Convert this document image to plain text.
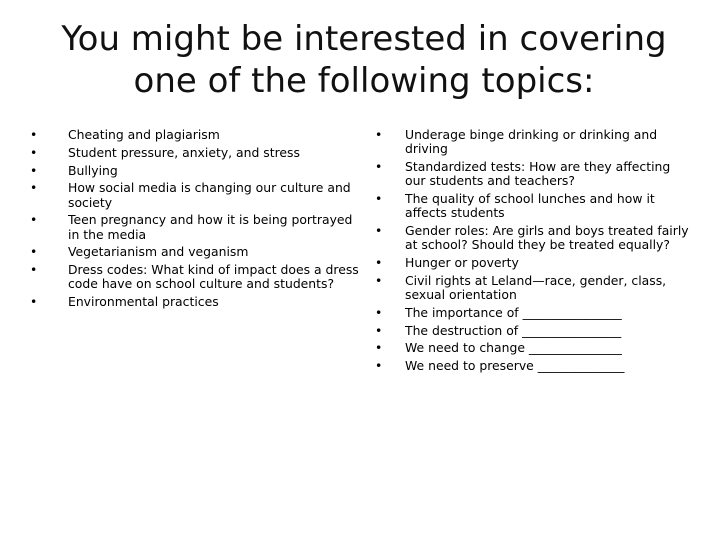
You might be interested in covering
one of the following topics:
•	Cheating and plagiarism
•	Student pressure, anxiety, and stress
•	Bullying
•	How social media is changing our culture and society
•	Teen pregnancy and how it is being portrayed in the media
•	Vegetarianism and veganism
•	Dress codes: What kind of impact does a dress code have on school culture and students?
•	Environmental practices
•	Underage binge drinking or drinking and driving
•	Standardized tests: How are they affecting our students and teachers?
•	The quality of school lunches and how it affects students
•	Gender roles: Are girls and boys treated fairly at school? Should they be treated equally?
•	Hunger or poverty
•	Civil rights at Leland—race, gender, class, sexual orientation
•	The importance of ________________
•	The destruction of ________________
•	We need to change _______________
•	We need to preserve ______________
